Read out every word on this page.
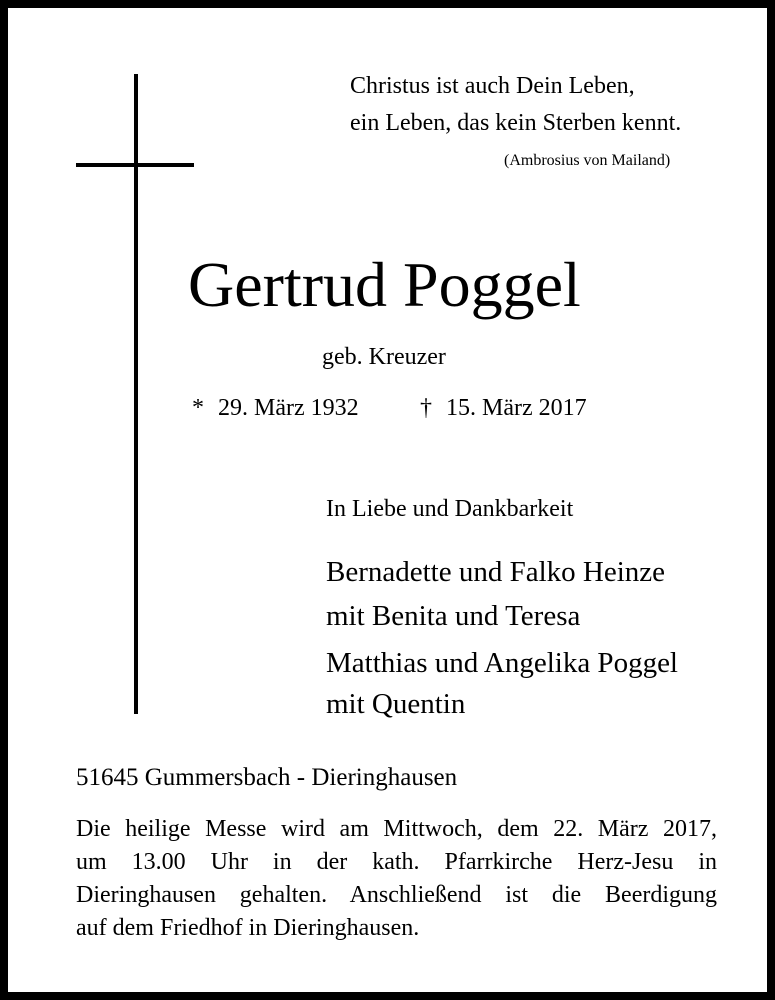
Christus ist auch Dein Leben,
ein Leben, das kein Sterben kennt.
(Ambrosius von Mailand)
Gertrud Poggel
geb. Kreuzer
* 29. März 1932	† 15. März 2017
In Liebe und Dankbarkeit
Bernadette und Falko Heinze
mit Benita und Teresa
Matthias und Angelika Poggel
mit Quentin
51645 Gummersbach - Dieringhausen
Die heilige Messe wird am Mittwoch, dem 22. März 2017,
um 13.00 Uhr in der kath. Pfarrkirche Herz-Jesu in
Dieringhausen gehalten. Anschließend ist die Beerdigung
auf dem Friedhof in Dieringhausen.
